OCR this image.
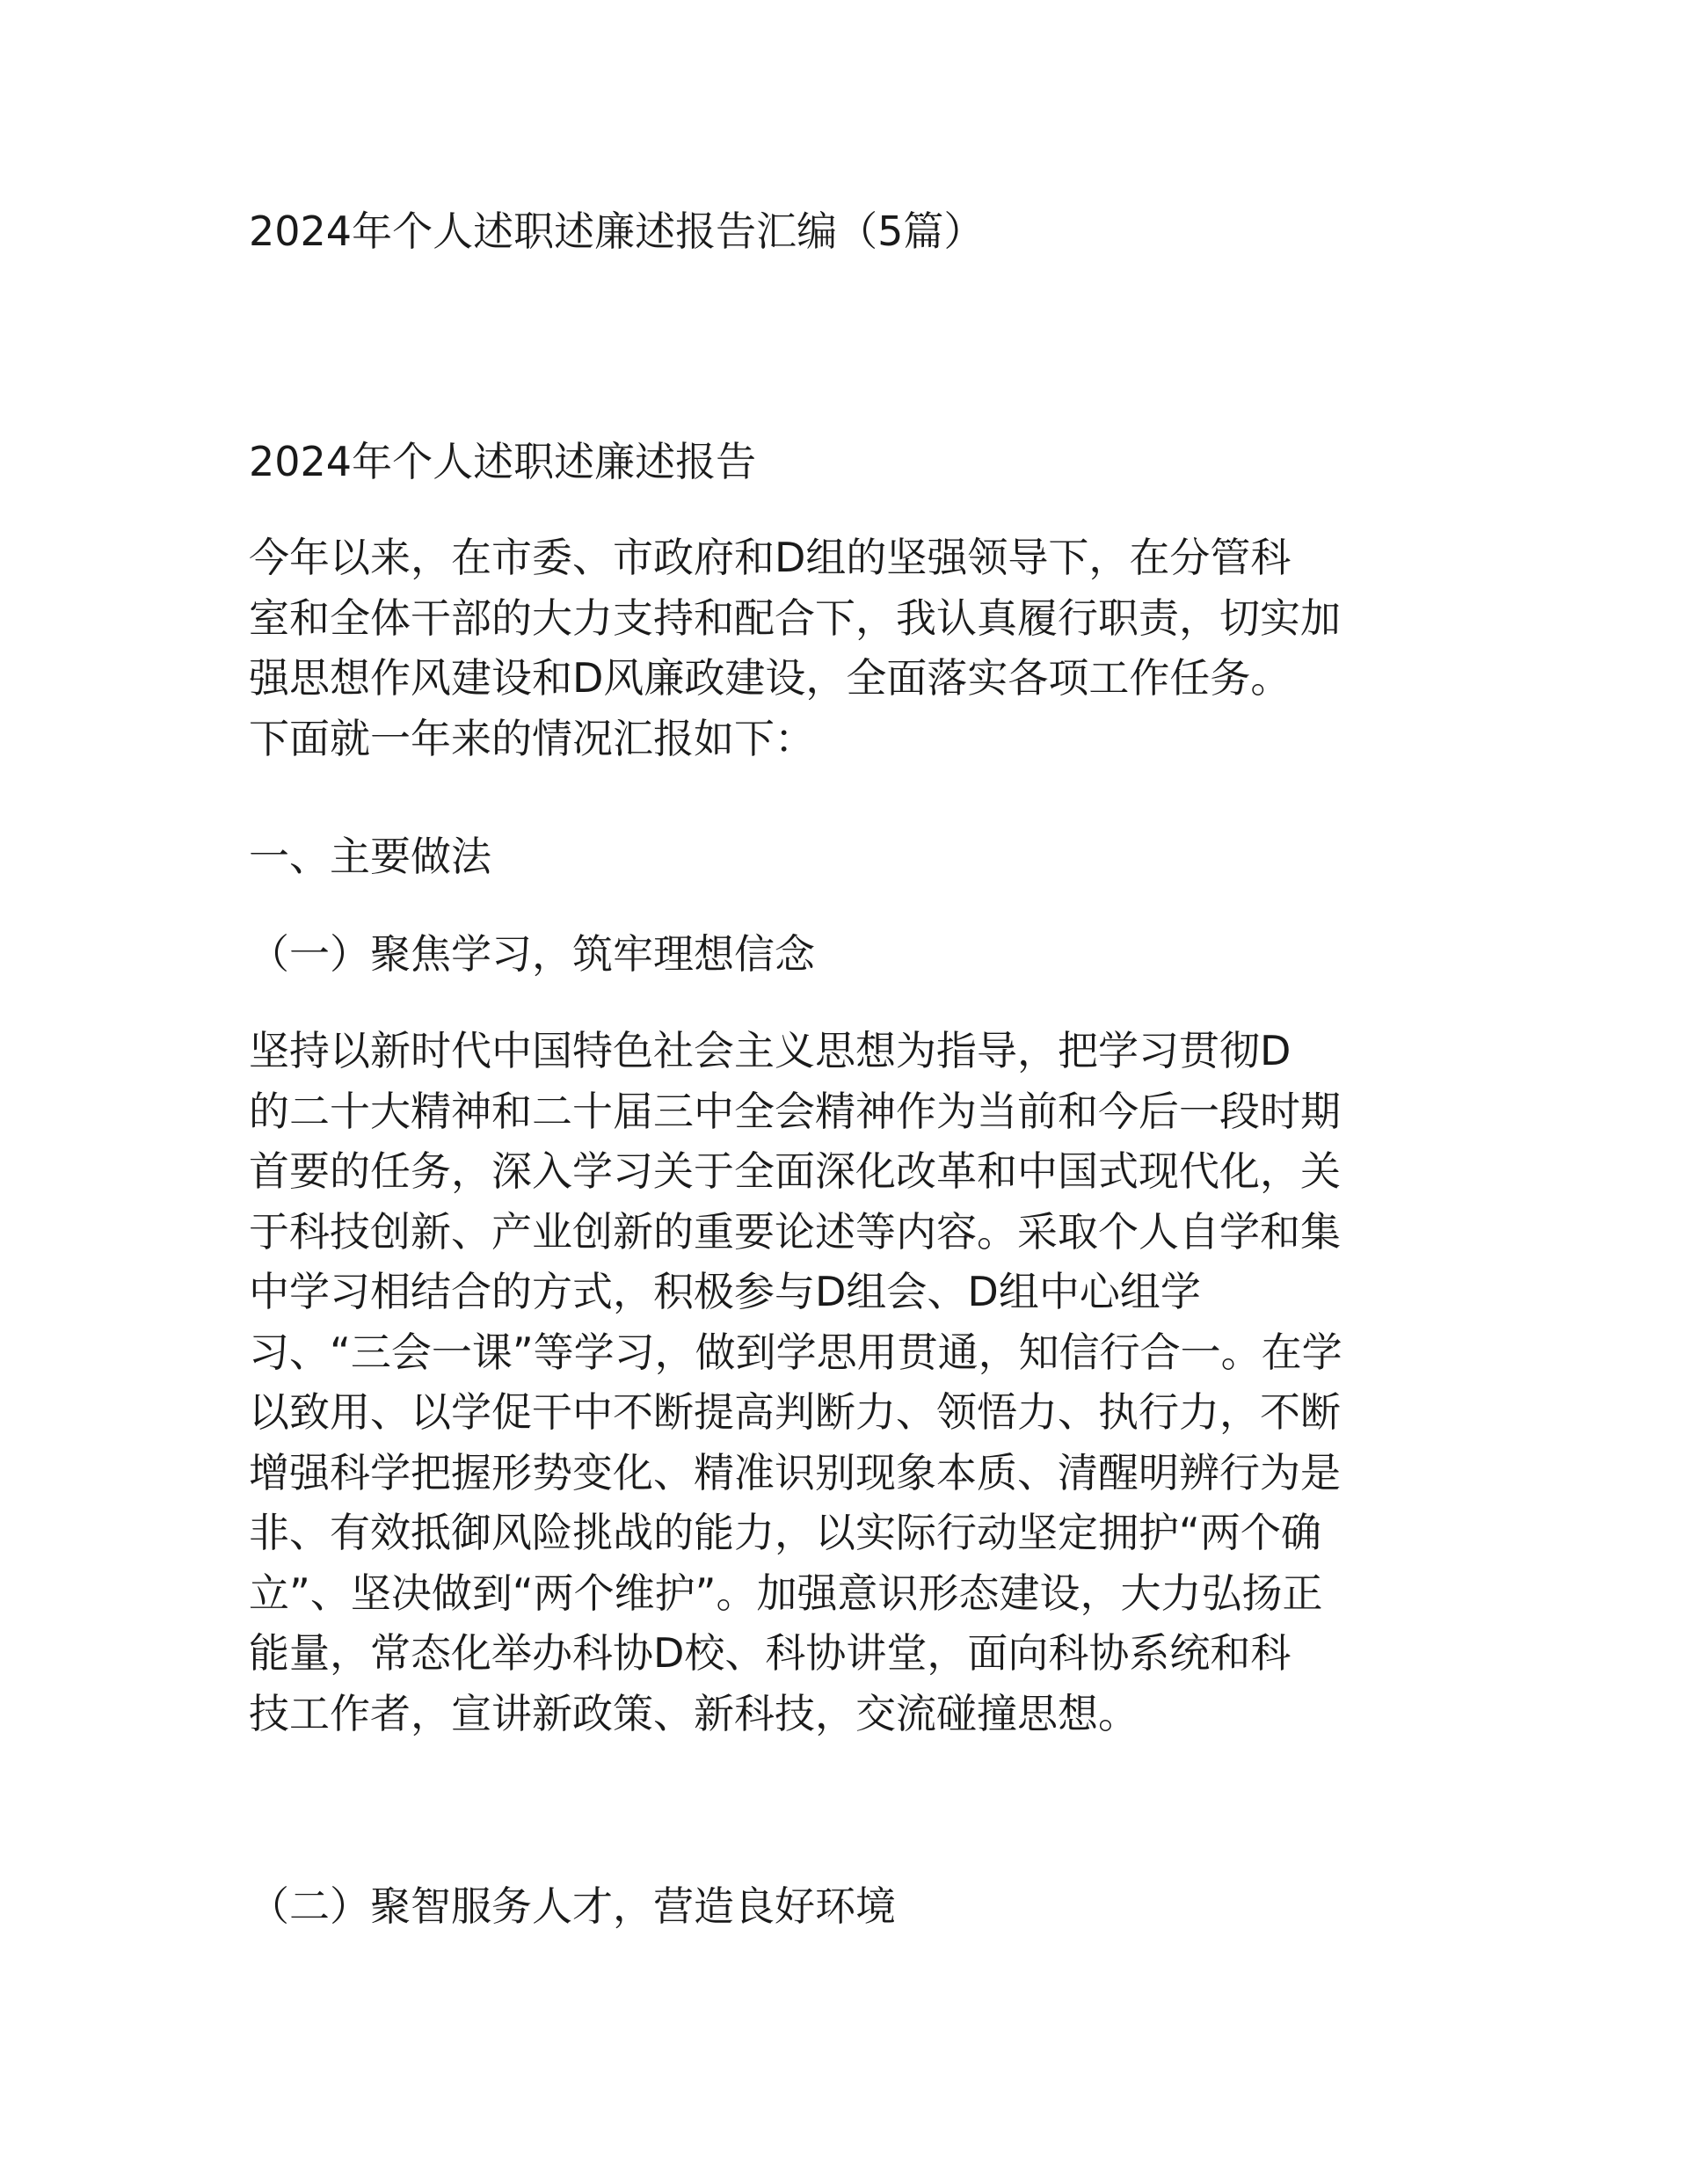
2024年个人述职述廉述报告汇编（5篇）
2024年个人述职述廉述报告

今年以来，在市委、市政府和D组的坚强领导下，在分管科
室和全体干部的大力支持和配合下，我认真履行职责，切实加
强思想作风建设和D风廉政建设，全面落实各项工作任务。
下面就一年来的情况汇报如下：

一、主要做法

（一）聚焦学习，筑牢理想信念

坚持以新时代中国特色社会主义思想为指导，把学习贯彻D
的二十大精神和二十届三中全会精神作为当前和今后一段时期
首要的任务，深入学习关于全面深化改革和中国式现代化，关
于科技创新、产业创新的重要论述等内容。采取个人自学和集
中学习相结合的方式，积极参与D组会、D组中心组学
习、“三会一课”等学习，做到学思用贯通，知信行合一。在学
以致用、以学促干中不断提高判断力、领悟力、执行力，不断
增强科学把握形势变化、精准识别现象本质、清醒明辨行为是
非、有效抵御风险挑战的能力，以实际行动坚定拥护“两个确
立”、坚决做到“两个维护”。加强意识形态建设，大力弘扬正
能量，常态化举办科协D校、科协讲堂，面向科协系统和科
技工作者，宣讲新政策、新科技，交流碰撞思想。

（二）聚智服务人才，营造良好环境
